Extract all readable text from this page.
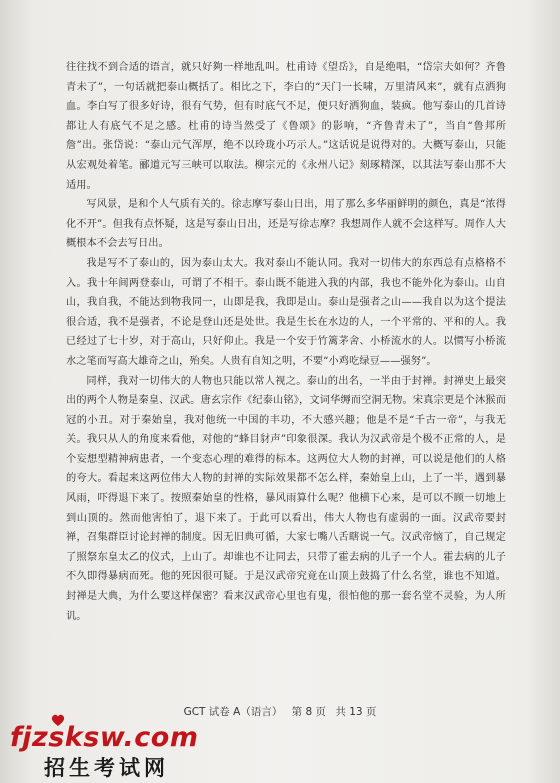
往往找不到合适的语言，就只好夠一样地乱叫。杜甫诗《望岳》，自是绝唱，“岱宗夫如何？齐鲁青未了”，一句话就把泰山概括了。相比之下，李白的“天门一长啸，万里清风来”，就有点洒狗血。李白写了很多好诗，很有气势，但有时底气不足，便只好洒狗血，装疯。他写泰山的几首诗都让人有底气不足之感。杜甫的诗当然受了《鲁颂》的影响，“齐鲁青未了”，当自“鲁邦所詹”出。张岱说：“泰山元气浑厚，绝不以玲珑小巧示人。”这话说是说得对的。大概写泰山，只能从宏观处着笔。郦道元写三峡可以取法。柳宗元的《永州八记》刻琢精深，以其法写泰山那不大适用。

写风景，是和个人气质有关的。徐志摩写泰山日出，用了那么多华丽鲜明的颜色，真是“浓得化不开”。但我有点怀疑，这是写泰山日出，还是写徐志摩？我想周作人就不会这样写。周作人大概根本不会去写日出。

我是写不了泰山的，因为泰山太大。我对泰山不能认同。我对一切伟大的东西总有点格格不入。我十年间两登泰山，可谓了不相干。泰山既不能进入我的内部，我也不能外化为泰山。山自山，我自我，不能达到物我同一，山即是我，我即是山。泰山是强者之山——我自以为这个提法很合适，我不是强者，不论是登山还是处世。我是生长在水边的人，一个平常的、平和的人。我已经过了七十岁，对于高山，只好仰止。我是一个安于竹篱茅舍、小桥流水的人。以惯写小桥流水之笔而写高大雄奇之山，殆矣。人贵有自知之明，不要“小鸡吃绿豆——强努”。

同样，我对一切伟大的人物也只能以常人视之。泰山的出名，一半由于封禅。封禅史上最突出的两个人物是秦皇、汉武。唐玄宗作《纪泰山铭》，文词华缛而空洞无物。宋真宗更是个沐猴而冠的小丑。对于秦始皇，我对他统一中国的丰功，不大感兴趣；他是不是“千古一帝”，与我无关。我只从人的角度来看他，对他的“蜂目豺声”印象很深。我认为汉武帝是个极不正常的人，是个妄想型精神病患者，一个变态心理的难得的标本。这两位大人物的封禅，可以说是他们的人格的夸大。看起来这两位伟大人物的封禅的实际效果都不怎么样，秦始皇上山，上了一半，遇到暴风雨，吓得退下来了。按照秦始皇的性格，暴风雨算什么呢？他横下心来，是可以不顾一切地上到山顶的。然而他害怕了，退下来了。于此可以看出，伟大人物也有虚弱的一面。汉武帝要封禅，召集群臣讨论封禅的制度。因无旧典可循，大家七嘴八舌瞎说一气。汉武帝恼了，自己规定了照祭东皇太乙的仪式，上山了。却谁也不让同去，只带了霍去病的儿子一个人。霍去病的儿子不久即得暴病而死。他的死因很可疑。于是汉武帝究竟在山顶上鼓捣了什么名堂，谁也不知道。封禅是大典，为什么要这样保密？看来汉武帝心里也有鬼，很怕他的那一套名堂不灵验，为人所讥。

GCT 试卷 A（语言） 第 8 页 共 13 页
fjzsksw.com
招生考试网
